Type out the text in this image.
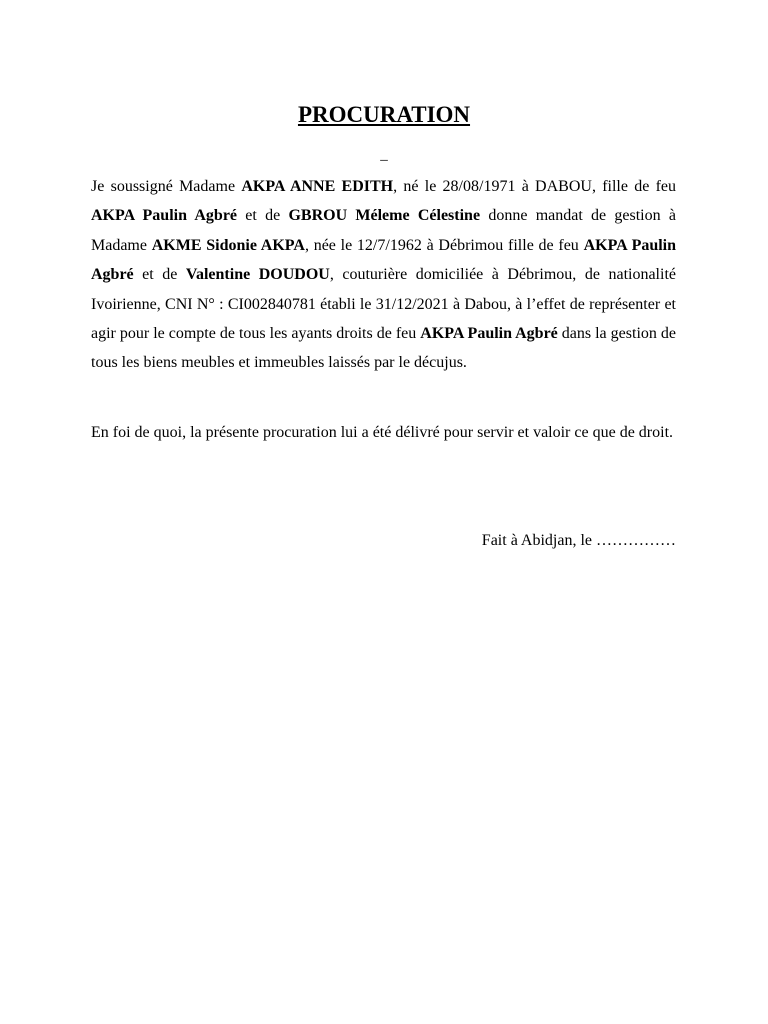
PROCURATION
_

Je soussigné Madame AKPA ANNE EDITH, né le 28/08/1971 à DABOU, fille de feu AKPA Paulin Agbré et de GBROU Méleme Célestine donne mandat de gestion à Madame AKME Sidonie AKPA, née le 12/7/1962 à Débrimou fille de feu AKPA Paulin Agbré et de Valentine DOUDOU, couturière domiciliée à Débrimou, de nationalité Ivoirienne, CNI N° : CI002840781 établi le 31/12/2021 à Dabou, à l’effet de représenter et agir pour le compte de tous les ayants droits de feu AKPA Paulin Agbré dans la gestion de tous les biens meubles et immeubles laissés par le décujus.

En foi de quoi, la présente procuration lui a été délivré pour servir et valoir ce que de droit.

Fait à Abidjan, le ……………
